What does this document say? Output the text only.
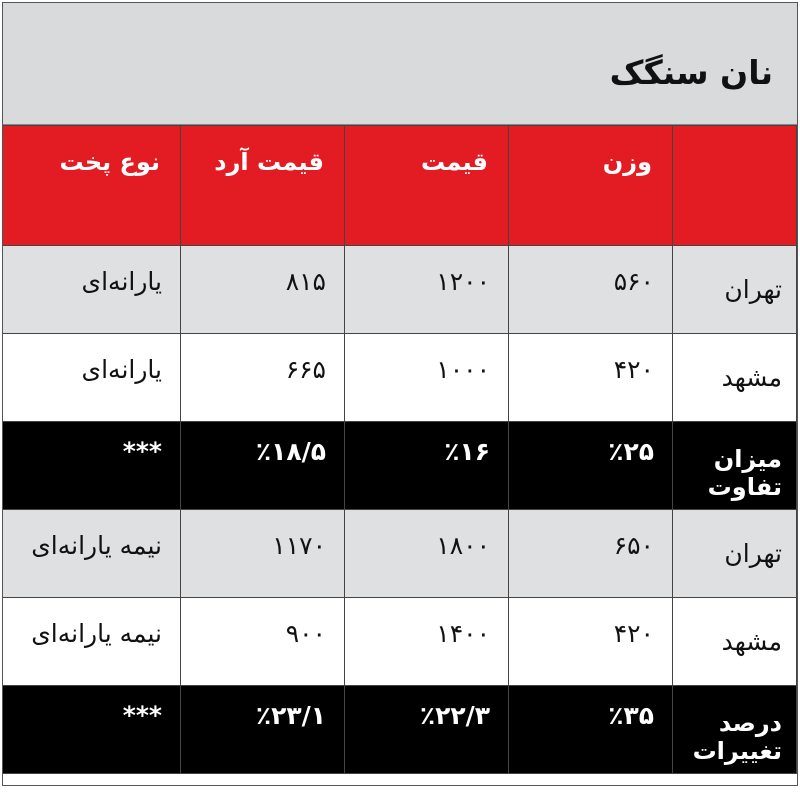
نان سنگک
	وزن	قیمت	قیمت آرد	نوع پخت

تهران	۵۶۰	۱۲۰۰	۸۱۵	یارانه‌ای

مشهد	۴۲۰	۱۰۰۰	۶۶۵	یارانه‌ای

میزان تفاوت	٪۲۵	٪۱۶	٪۱۸/۵	***

تهران	۶۵۰	۱۸۰۰	۱۱۷۰	نیمه یارانه‌ای

مشهد	۴۲۰	۱۴۰۰	۹۰۰	نیمه یارانه‌ای

درصد تغییرات	٪۳۵	٪۲۲/۳	٪۲۳/۱	***
